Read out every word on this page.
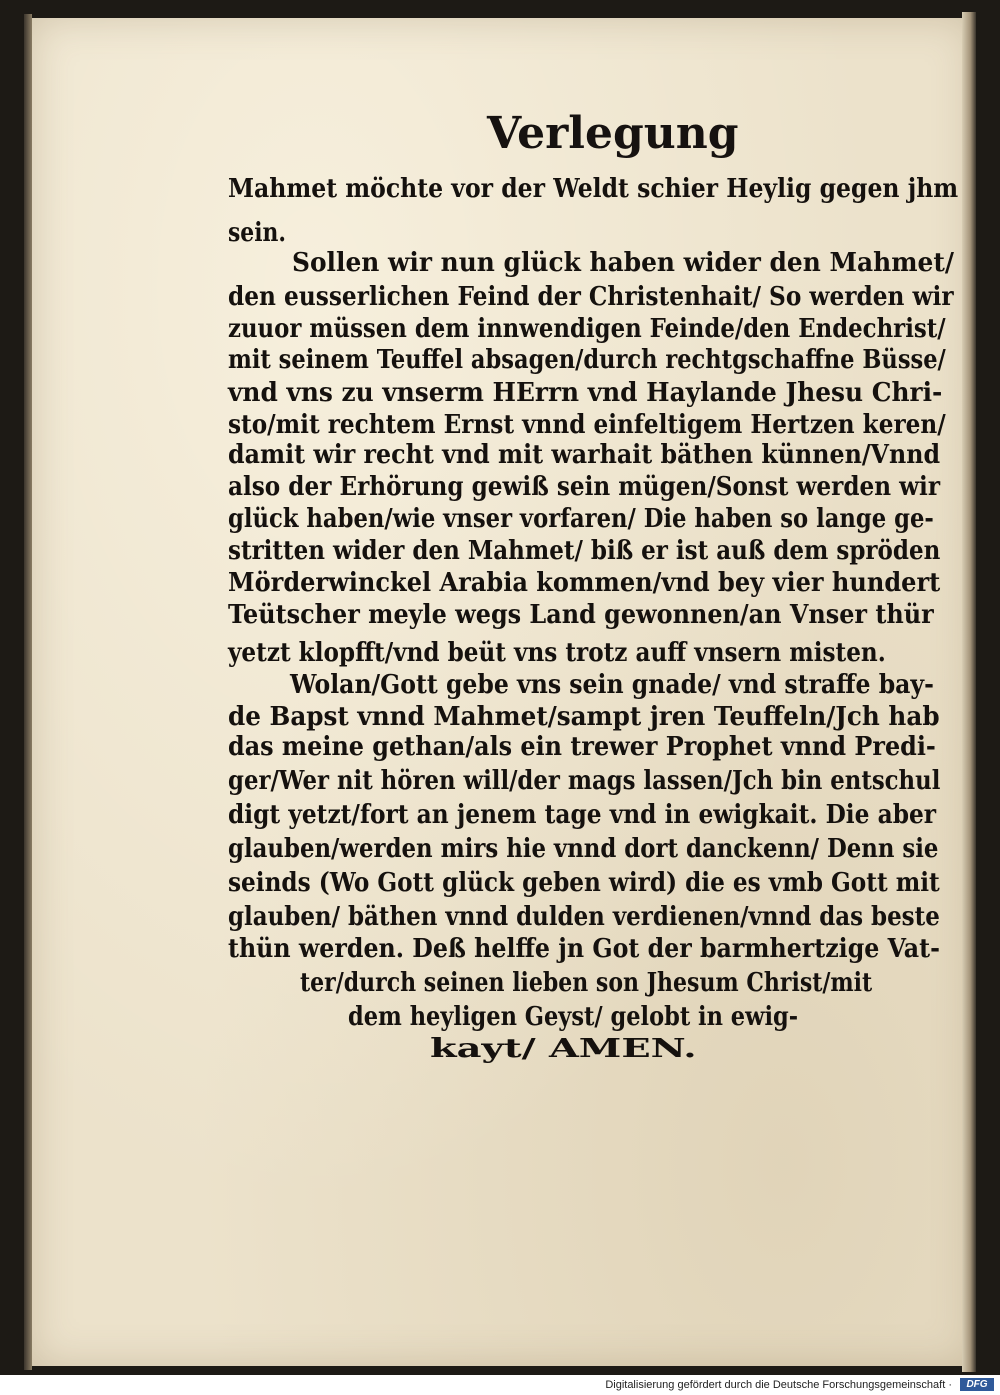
Verlegung
Mahmet möchte vor der Weldt schier Heylig gegen jhm
sein.
Sollen wir nun glück haben wider den Mahmet/
den eusserlichen Feind der Christenhait/ So werden wir
zuuor müssen dem innwendigen Feinde/den Endechrist/
mit seinem Teuffel absagen/durch rechtgschaffne Büsse/
vnd vns zu vnserm HErrn vnd Haylande Jhesu Chri-
sto/mit rechtem Ernst vnnd einfeltigem Hertzen keren/
damit wir recht vnd mit warhait bäthen künnen/Vnnd
also der Erhörung gewiß sein mügen/Sonst werden wir
glück haben/wie vnser vorfaren/ Die haben so lange ge-
stritten wider den Mahmet/ biß er ist auß dem spröden
Mörderwinckel Arabia kommen/vnd bey vier hundert
Teütscher meyle wegs Land gewonnen/an Vnser thür
yetzt klopfft/vnd beüt vns trotz auff vnsern misten.
Wolan/Gott gebe vns sein gnade/ vnd straffe bay-
de Bapst vnnd Mahmet/sampt jren Teuffeln/Jch hab
das meine gethan/als ein trewer Prophet vnnd Predi-
ger/Wer nit hören will/der mags lassen/Jch bin entschul
digt yetzt/fort an jenem tage vnd in ewigkait. Die aber
glauben/werden mirs hie vnnd dort danckenn/ Denn sie
seinds (Wo Gott glück geben wird) die es vmb Gott mit
glauben/ bäthen vnnd dulden verdienen/vnnd das beste
thün werden. Deß helffe jn Got der barmhertzige Vat-
ter/durch seinen lieben son Jhesum Christ/mit
dem heyligen Geyst/ gelobt in ewig-
kayt/ AMEN.
Digitalisierung gefördert durch die Deutsche Forschungsgemeinschaft ·	DFG
